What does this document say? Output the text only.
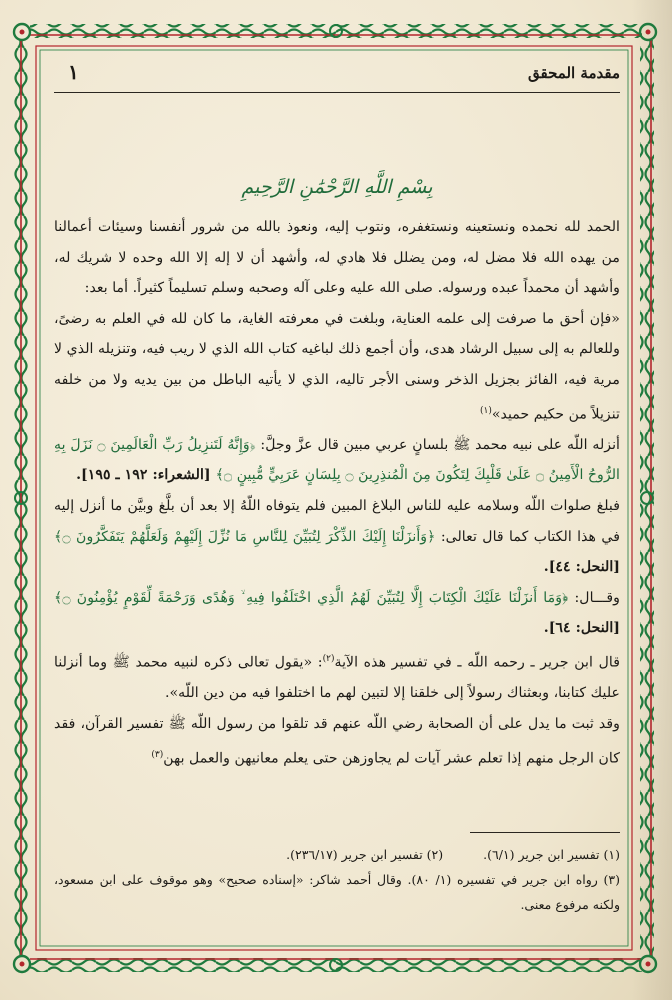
مقدمة المحقق
١
بِسْمِ اللَّهِ الرَّحْمَٰنِ الرَّحِيمِ

الحمد لله نحمده ونستعينه ونستغفره، ونتوب إليه، ونعوذ بالله من شرور أنفسنا وسيئات أعمالنا من يهده الله فلا مضل له، ومن يضلل فلا هادي له، وأشهد أن لا إله إلا الله وحده لا شريك له، وأشهد أن محمداً عبده ورسوله. صلى الله عليه وعلى آله وصحبه وسلم تسليماً كثيراً. أما بعد:

«فإن أحق ما صرفت إلى علمه العناية، وبلغت في معرفته الغاية، ما كان لله في العلم به رضىً، وللعالم به إلى سبيل الرشاد هدى، وأن أجمع ذلك لباغيه كتاب الله الذي لا ريب فيه، وتنزيله الذي لا مرية فيه، الفائز بجزيل الذخر وسنى الأجر تاليه، الذي لا يأتيه الباطل من بين يديه ولا من خلفه تنزيلاً من حكيم حميد»$^{(١)}$

أنزله اللّه على نبيه محمد ﷺ بلسانٍ عربي مبين قال عزَّ وجلَّ: ﴿وَإِنَّهُ لَتَنزِيلُ رَبِّ الْعَالَمِينَ ۝ نَزَلَ بِهِ الرُّوحُ الْأَمِينُ ۝ عَلَىٰ قَلْبِكَ لِتَكُونَ مِنَ الْمُنذِرِينَ ۝ بِلِسَانٍ عَرَبِيٍّ مُّبِينٍ ۝﴾ [الشعراء: ١٩٢ ـ ١٩٥].

فبلغ صلوات اللّه وسلامه عليه للناس البلاغ المبين فلم يتوفاه اللّهُ إلا بعد أن بلَّغ وبيَّن ما أنزل إليه في هذا الكتاب كما قال تعالى: ﴿وَأَنزَلْنَا إِلَيْكَ الذِّكْرَ لِتُبَيِّنَ لِلنَّاسِ مَا نُزِّلَ إِلَيْهِمْ وَلَعَلَّهُمْ يَتَفَكَّرُونَ ۝﴾ [النحل: ٤٤].

وقـــال: ﴿وَمَا أَنزَلْنَا عَلَيْكَ الْكِتَابَ إِلَّا لِتُبَيِّنَ لَهُمُ الَّذِي اخْتَلَفُوا فِيهِ ۙ وَهُدًى وَرَحْمَةً لِّقَوْمٍ يُؤْمِنُونَ ۝﴾ [النحل: ٦٤].

قال ابن جرير ـ رحمه اللّه ـ في تفسير هذه الآية$^{(٢)}$: «يقول تعالى ذكره لنبيه محمد ﷺ وما أنزلنا عليك كتابنا، وبعثناك رسولاً إلى خلقنا إلا لتبين لهم ما اختلفوا فيه من دين اللّه».

وقد ثبت ما يدل على أن الصحابة رضي اللّه عنهم قد تلقوا من رسول اللّه ﷺ تفسير القرآن، فقد كان الرجل منهم إذا تعلم عشر آيات لم يجاوزهن حتى يعلم معانيهن والعمل بهن$^{(٣)}$

(١) تفسير ابن جرير (٦/١).
(٢) تفسير ابن جرير (٢٣٦/١٧).
(٣) رواه ابن جرير في تفسيره (١/ ٨٠). وقال أحمد شاكر: «إسناده صحيح» وهو موقوف على ابن مسعود، ولكنه مرفوع معنى.
